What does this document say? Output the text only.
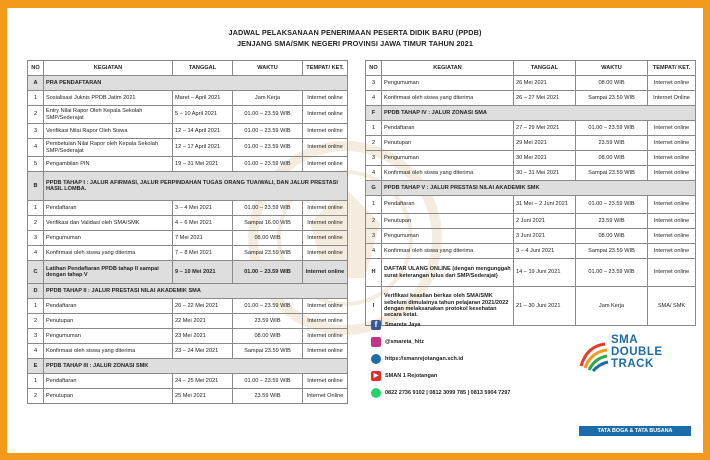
JADWAL PELAKSANAAN PENERIMAAN PESERTA DIDIK BARU (PPDB)
JENJANG SMA/SMK NEGERI PROVINSI JAWA TIMUR TAHUN 2021
NO	KEGIATAN	TANGGAL	WAKTU	TEMPAT/ KET.
A	PRA PENDAFTARAN			
1	Sosialisasi Juknis PPDB Jatim 2021	Maret – April 2021	Jam Kerja	Internet online
2	Entry Nilai Rapor Oleh Kepala Sekolah SMP/Sederajat	5 – 10 April 2021	01.00 – 23.59 WIB	Internet online
3	Verifikasi Nilai Rapor Oleh Siswa	12 – 14 April 2021	01.00 – 23.59 WIB	Internet online
4	Pembetulan Nilai Rapor oleh Kepala Sekolah SMP/Sederajat	12 – 17 April 2021	01.00 – 23.59 WIB	Internet online
5	Pengambilan PIN	19 – 31 Mei 2021	01.00 – 23.59 WIB	Internet online
B	PPDB TAHAP I : JALUR AFIRMASI, JALUR PERPINDAHAN TUGAS ORANG TUA/WALI, DAN JALUR PRESTASI HASIL LOMBA.			
1	Pendaftaran	3 – 4 Mei 2021	01.00 – 23.59 WIB	Internet online
2	Verifikasi dan Validasi oleh SMA/SMK	4 – 6 Mei 2021	Sampai 16.00 WIB	Internet online
3	Pengumuman	7 Mei 2021	08.00 WIB	Internet online
4	Konfirmasi oleh siswa yang diterima	7 – 8 Mei 2021	Sampai 23.59 WIB	Internet online
C	Latihan Pendaftaran PPDB tahap II sampai dengan tahap V	9 – 10 Mei 2021	01.00 – 23.59 WIB	Internet online
D	PPDB TAHAP II : JALUR PRESTASI NILAI AKADEMIK SMA			
1	Pendaftaran	20 – 22 Mei 2021	01.00 – 23.59 WIB	Internet online
2	Penutupan	22 Mei 2021	23.59 WIB	Internet online
3	Pengumuman	23 Mei 2021	08.00 WIB	Internet online
4	Konfirmasi oleh siswa yang diterima	23 – 24 Mei 2021	Sampai 23.59 WIB	Internet online
E	PPDB TAHAP III : JALUR ZONASI SMK			
1	Pendaftaran	24 – 25 Mei 2021	01.00 – 23.59 WIB	Internet online
2	Penutupan	25 Mei 2021	23.59 WIB	Internet Online
NO	KEGIATAN	TANGGAL	WAKTU	TEMPAT/ KET.
3	Pengumuman	26 Mei 2021	08.00 WIB	Internet online
4	Konfirmasi oleh siswa yang diterima	26 – 27 Mei 2021	Sampai 23.59 WIB	Internet Online
F	PPDB TAHAP IV : JALUR ZONASI SMA			
1	Pendaftaran	27 – 29 Mei 2021	01.00 – 23.59 WIB	Internet online
2	Penutupan	29 Mei 2021	23.59 WIB	Internet online
3	Pengumuman	30 Mei 2021	08.00 WIB	Internet online
4	Konfirmasi oleh siswa yang diterima	30 – 31 Mei 2021	Sampai 23.59 WIB	Internet online
G	PPDB TAHAP V : JALUR PRESTASI NILAI AKADEMIK SMK			
1	Pendaftaran	31 Mei – 2 Juni 2021	01.00 – 23.59 WIB	Internet online
2	Penutupan	2 Juni 2021	23.59 WIB	Internet online
3	Pengumuman	3 Juni 2021	08.00 WIB	Internet online
4	Konfirmasi oleh siswa yang diterima	3 – 4 Juni 2021	Sampai 23.59 WIB	Internet online
H	DAFTAR ULANG ONLINE (dengan mengunggah surat keterangan lulus dari SMP/Sederajat)	14 – 19 Juni 2021	01.00 – 23.59 WIB	Internet online
I	Verifikasi keaslian berkas oleh SMA/SMK sebelum dimulainya tahun pelajaran 2021/2022 dengan melaksanakan protokol kesehatan secara ketat.	21 – 30 Juni 2021	Jam Kerja	SMA/ SMK
f	Smareta Jaya
@smareta_hitz
https://smanrejotangan.sch.id
▶	SMAN 1 Rejotangan
0822 2736 9102 | 0812 3099 785 | 0813 5904 7297
SMA
DOUBLE
TRACK
TATA BOGA & TATA BUSANA
